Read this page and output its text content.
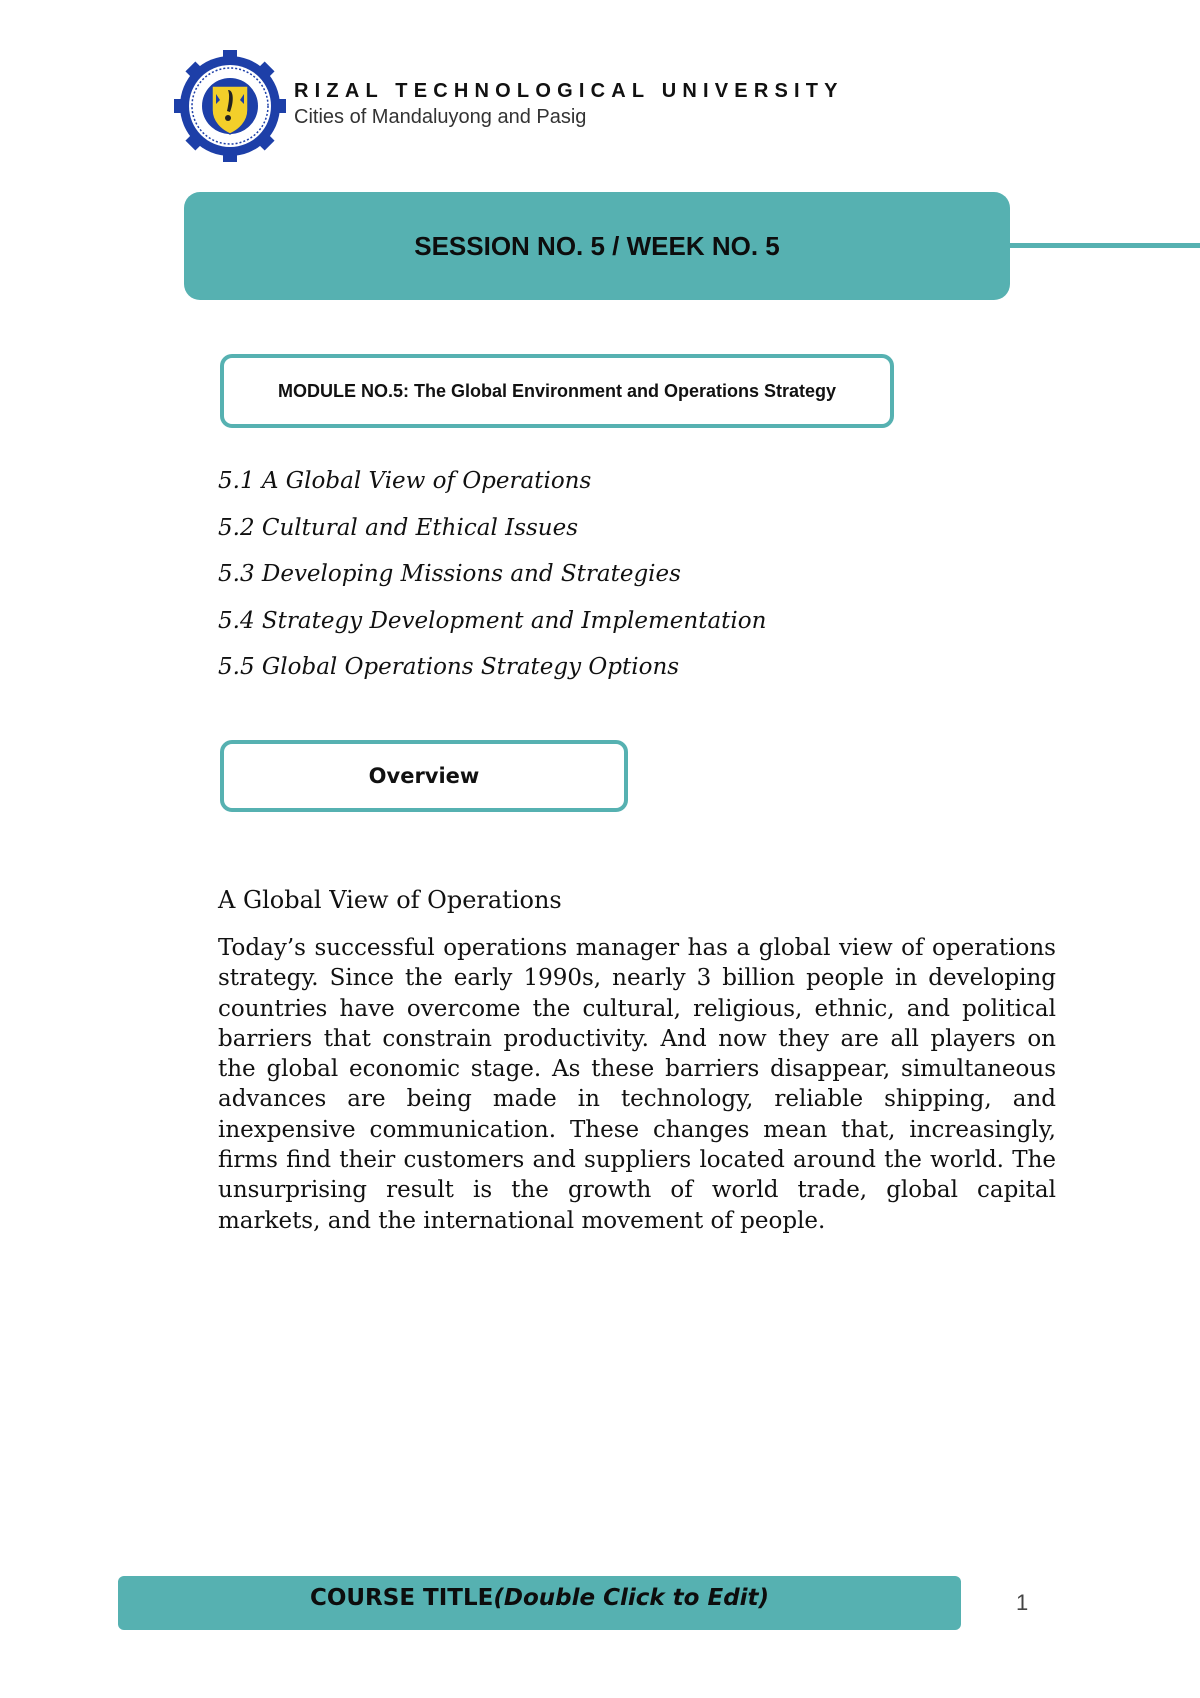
RIZAL TECHNOLOGICAL UNIVERSITY
Cities of Mandaluyong and Pasig
SESSION NO. 5 / WEEK NO. 5
MODULE NO.5: The Global Environment and Operations Strategy
5.1 A Global View of Operations
5.2 Cultural and Ethical Issues
5.3 Developing Missions and Strategies
5.4 Strategy Development and Implementation
5.5 Global Operations Strategy Options
Overview
A Global View of Operations

Today’s successful operations manager has a global view of operations strategy. Since the early 1990s, nearly 3 billion people in developing countries have overcome the cultural, religious, ethnic, and political barriers that constrain productivity. And now they are all players on the global economic stage. As these barriers disappear, simultaneous advances are being made in technology, reliable shipping, and inexpensive communication. These changes mean that, increasingly, firms find their customers and suppliers located around the world. The unsurprising result is the growth of world trade, global capital markets, and the international movement of people.

COURSE TITLE(Double Click to Edit)	1
